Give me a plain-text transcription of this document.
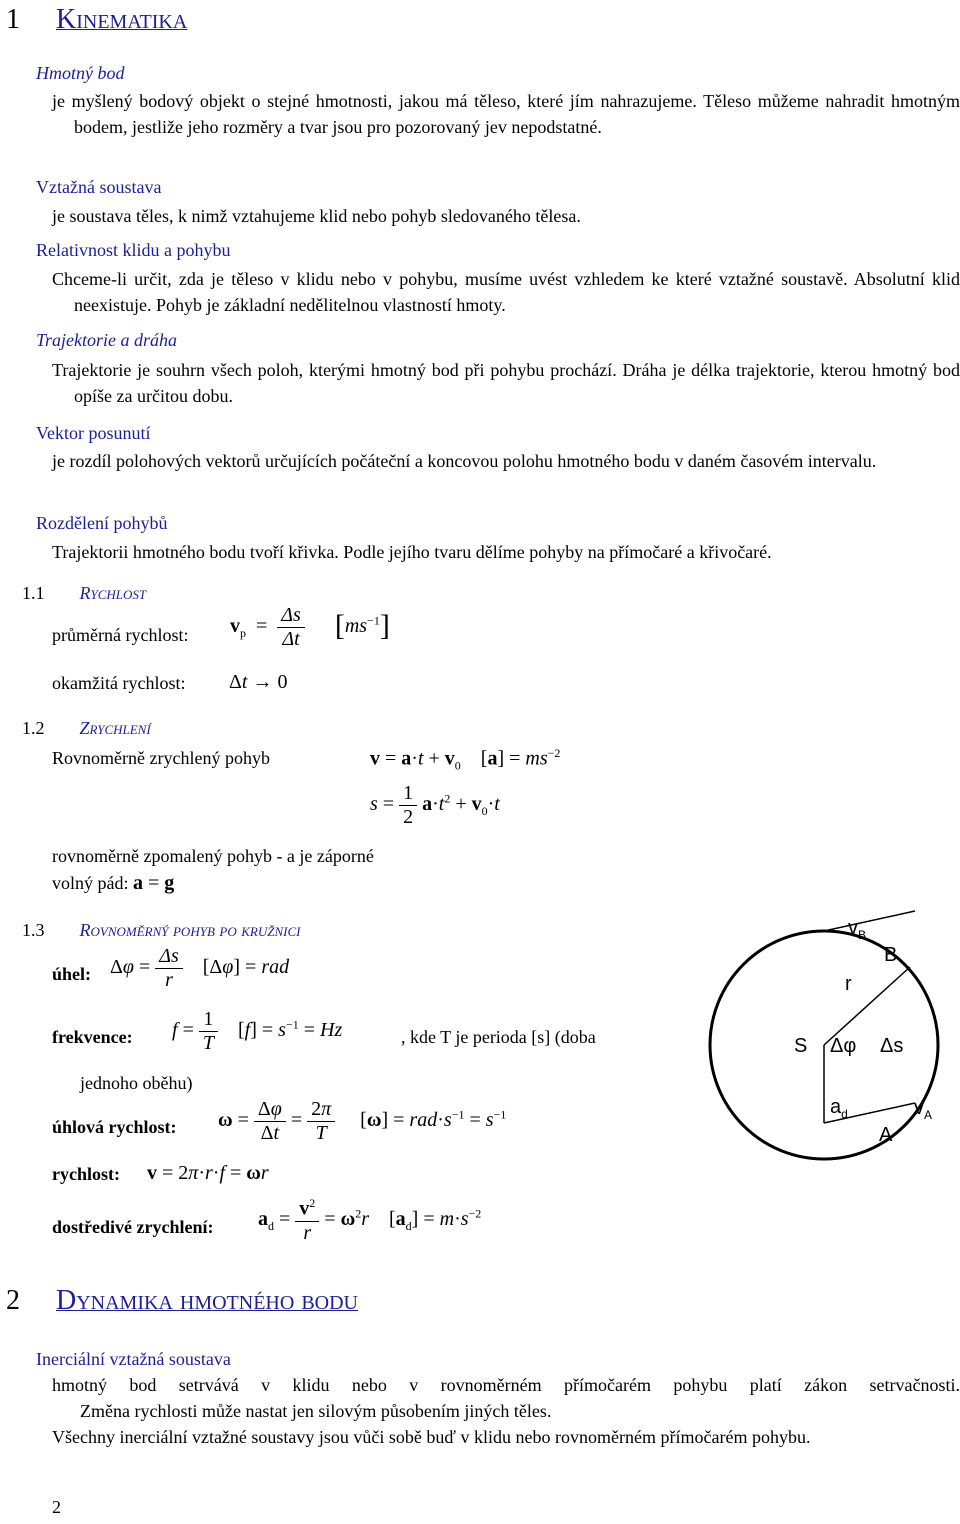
1 Kinematika
Hmotný bod

je myšlený bodový objekt o stejné hmotnosti, jakou má těleso, které jím nahrazujeme. Těleso můžeme nahradit hmotným bodem, jestliže jeho rozměry a tvar jsou pro pozorovaný jev nepodstatné.

Vztažná soustava

je soustava těles, k nimž vztahujeme klid nebo pohyb sledovaného tělesa.

Relativnost klidu a pohybu

Chceme-li určit, zda je těleso v klidu nebo v pohybu, musíme uvést vzhledem ke které vztažné soustavě. Absolutní klid neexistuje. Pohyb je základní nedělitelnou vlastností hmoty.

Trajektorie a dráha

Trajektorie je souhrn všech poloh, kterými hmotný bod při pohybu prochází. Dráha je délka trajektorie, kterou hmotný bod opíše za určitou dobu.

Vektor posunutí

je rozdíl polohových vektorů určujících počáteční a koncovou polohu hmotného bodu v daném časovém intervalu.

Rozdělení pohybů

Trajektorii hmotného bodu tvoří křivka. Podle jejího tvaru dělíme pohyby na přímočaré a křivočaré.

1.1 Rychlost
průměrná rychlost: $v_p = \frac{\Delta s}{\Delta t} [ms^{-1}]$
okamžitá rychlost: Δt → 0
1.2 Zrychlení
Rovnoměrně zrychlený pohyb	$v = a\cdot t + v_0$    $[a] = ms^{-2}$
$s = \frac{1}{2} a\cdot t^2 + v_0\cdot t$
rovnoměrně zpomalený pohyb - a je záporné
volný pád: a = g
1.3 Rovnoměrný pohyb po kružnici
úhel: $\Delta\varphi = \frac{\Delta s}{r} [\Delta\varphi]$ = rad
frekvence: $f = \frac{1}{T} [f] = s^{-1} = Hz$	, kde T je perioda [s] (doba
jednoho oběhu)
úhlová rychlost: $\omega = \frac{\Delta\varphi}{\Delta t} = \frac{2\pi}{T} [\omega] = rad\cdot s^{-1} = s^{-1}$
rychlost: v = 2π·r·f = ωr
dostředivé zrychlení: $a_d = \frac{v^2}{r} = \omega^2r$    $[a_d] = m\cdot s^{-2}$
$v_B$
B
r
S Δφ Δs
$a_d$	$v_A$
A
2 Dynamika hmotného bodu
Inerciální vztažná soustava
hmotný bod setrvává v klidu nebo v rovnoměrném přímočarém pohybu platí zákon setrvačnosti.
Změna rychlosti může nastat jen silovým působením jiných těles.

Všechny inerciální vztažné soustavy jsou vůči sobě buď v klidu nebo rovnoměrném přímočarém pohybu.

2
